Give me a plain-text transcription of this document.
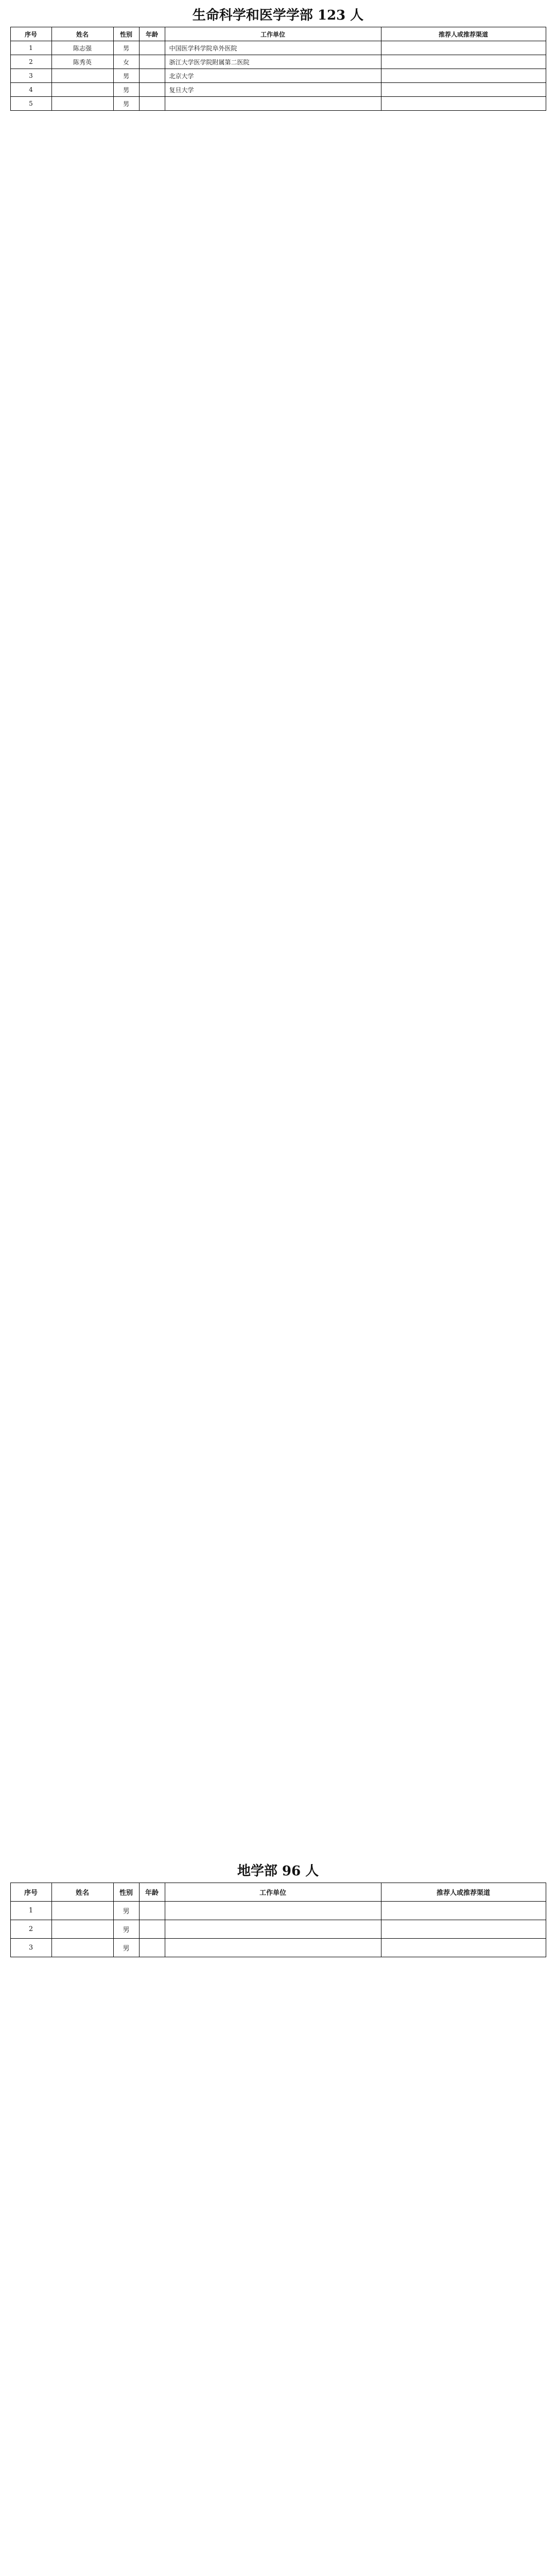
生命科学和医学学部 123 人
序号	姓名	性别	年龄	工作单位	推荐人或推荐渠道
1	陈志强	男		中国医学科学院阜外医院	
2	陈秀英	女		浙江大学医学院附属第二医院	
3		男		北京大学	
4		男		复旦大学	
5		男			
地学部 96 人
序号	姓名	性别	年龄	工作单位	推荐人或推荐渠道
1		男			
2		男			
3		男			
